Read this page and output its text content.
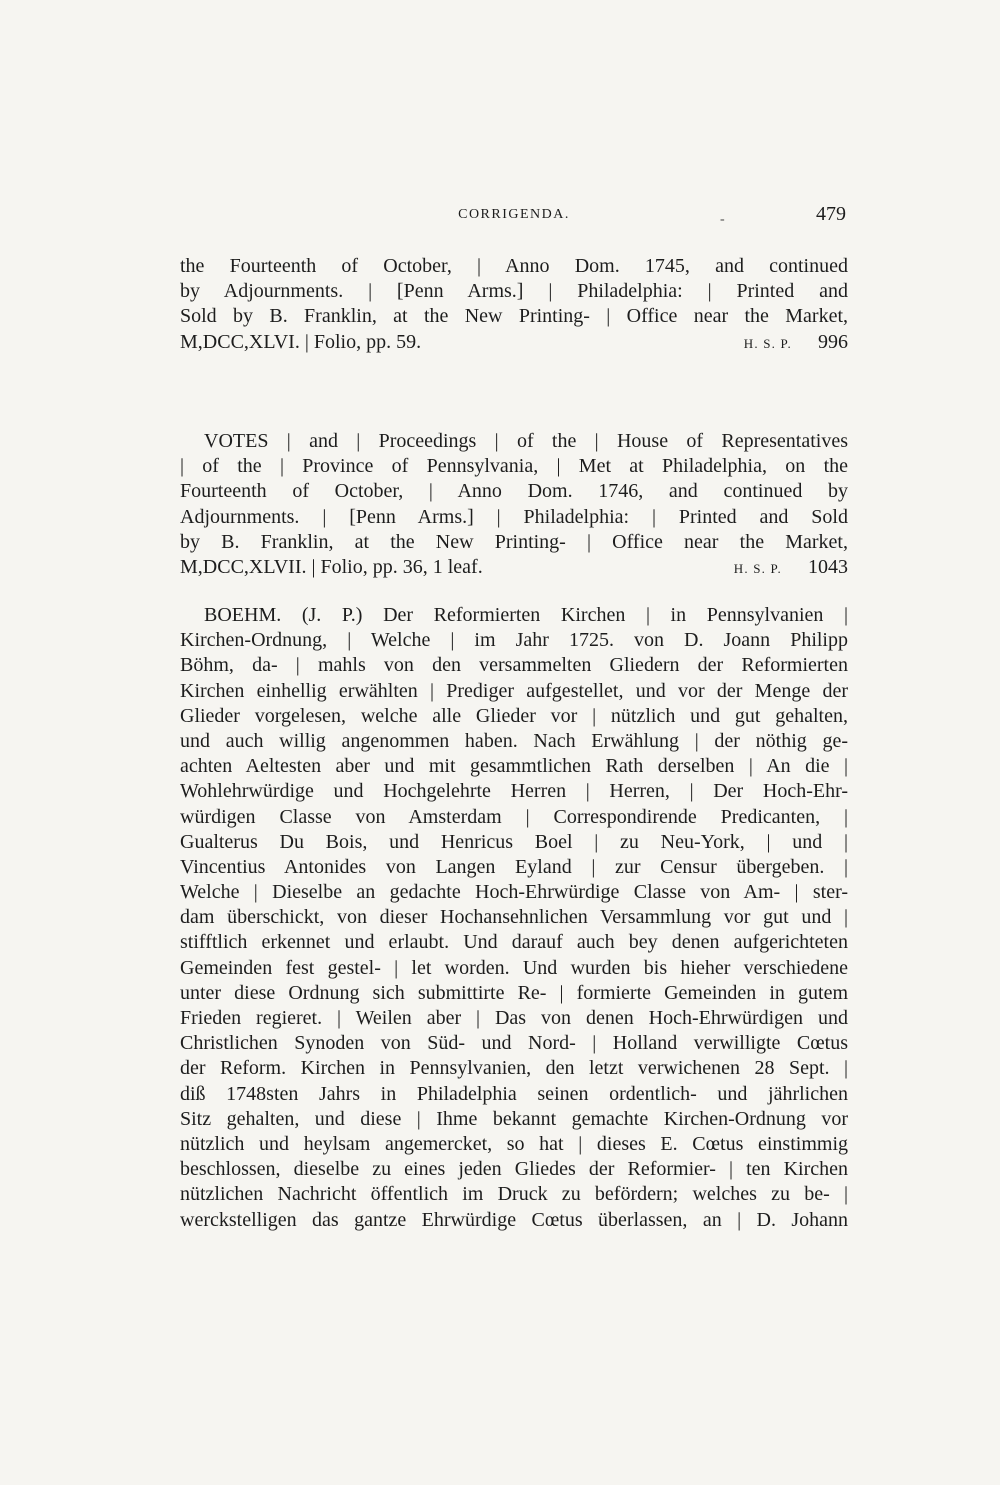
CORRIGENDA.	479
the Fourteenth of October, | Anno Dom. 1745, and continued
by Adjournments. | [Penn Arms.] | Philadelphia: | Printed and
Sold by B. Franklin, at the New Printing- | Office near the Market,
M,DCC,XLVI. | Folio, pp. 59.	H. S. P. 996
VOTES | and | Proceedings | of the | House of Representatives
| of the | Province of Pennsylvania, | Met at Philadelphia, on the
Fourteenth of October, | Anno Dom. 1746, and continued by
Adjournments. | [Penn Arms.] | Philadelphia: | Printed and Sold
by B. Franklin, at the New Printing- | Office near the Market,
M,DCC,XLVII. | Folio, pp. 36, 1 leaf.	H. S. P. 1043
BOEHM. (J. P.) Der Reformierten Kirchen | in Pennsylvanien |
Kirchen-Ordnung, | Welche | im Jahr 1725. von D. Joann Philipp
Böhm, da- | mahls von den versammelten Gliedern der Reformierten
Kirchen einhellig erwählten | Prediger aufgestellet, und vor der Menge der
Glieder vorgelesen, welche alle Glieder vor | nützlich und gut gehalten,
und auch willig angenommen haben. Nach Erwählung | der nöthig ge-
achten Aeltesten aber und mit gesammtlichen Rath derselben | An die |
Wohlehrwürdige und Hochgelehrte Herren | Herren, | Der Hoch-Ehr-
würdigen Classe von Amsterdam | Correspondirende Predicanten, |
Gualterus Du Bois, und Henricus Boel | zu Neu-York, | und |
Vincentius Antonides von Langen Eyland | zur Censur übergeben. |
Welche | Dieselbe an gedachte Hoch-Ehrwürdige Classe von Am- | ster-
dam überschickt, von dieser Hochansehnlichen Versammlung vor gut und |
stifftlich erkennet und erlaubt. Und darauf auch bey denen aufgerichteten
Gemeinden fest gestel- | let worden. Und wurden bis hieher verschiedene
unter diese Ordnung sich submittirte Re- | formierte Gemeinden in gutem
Frieden regieret. | Weilen aber | Das von denen Hoch-Ehrwürdigen und
Christlichen Synoden von Süd- und Nord- | Holland verwilligte Cœtus
der Reform. Kirchen in Pennsylvanien, den letzt verwichenen 28 Sept. |
diß 1748sten Jahrs in Philadelphia seinen ordentlich- und jährlichen
Sitz gehalten, und diese | Ihme bekannt gemachte Kirchen-Ordnung vor
nützlich und heylsam angemercket, so hat | dieses E. Cœtus einstimmig
beschlossen, dieselbe zu eines jeden Gliedes der Reformier- | ten Kirchen
nützlichen Nachricht öffentlich im Druck zu befördern; welches zu be- |
werckstelligen das gantze Ehrwürdige Cœtus überlassen, an | D. Johann
-
